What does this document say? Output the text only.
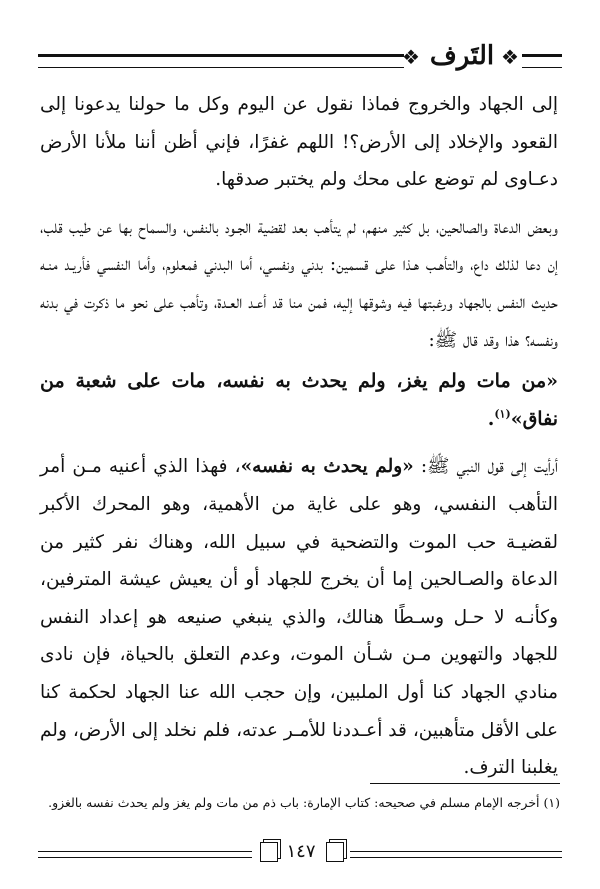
❖ التَرف ❖

إلى الجهاد والخروج فماذا نقول عن اليوم وكل ما حولنا يدعونا إلى القعود والإخلاد إلى الأرض؟! اللهم غفرًا، فإني أظن أننا ملأنا الأرض دعـاوى لم توضع على محك ولم يختبر صدقها.

وبعض الدعاة والصالحين، بل كثير منهم، لم يتأهب بعد لقضية الجـود بالنفس، والسماح بها عن طيب قلب، إن دعا لذلك داع، والتأهـب هـذا على قسمين: بدني ونفسي، أما البدني فمعلوم، وأما النفسي فأريـد منـه حديث النفس بالجهاد ورغبتها فيه وشوقها إليه، فمن منا قد أعـد العـدة، وتأهب على نحو ما ذكرت في بدنه ونفسه؟ هذا وقد قال ﷺ:

«من مات ولم يغز، ولم يحدث به نفسه، مات على شعبة من نفاق»$^{(١)}$.

أرأيت إلى قول النبي ﷺ: «ولم يحدث به نفسه»، فهذا الذي أعنيه مـن أمر التأهب النفسي، وهو على غاية من الأهمية، وهو المحرك الأكبر لقضيـة حب الموت والتضحية في سبيل الله، وهناك نفر كثير من الدعاة والصـالحين إما أن يخرج للجهاد أو أن يعيش عيشة المترفين، وكأنـه لا حـل وسـطًا هنالك، والذي ينبغي صنيعه هو إعداد النفس للجهاد والتهوين مـن شـأن الموت، وعدم التعلق بالحياة، فإن نادى منادي الجهاد كنا أول الملبين، وإن حجب الله عنا الجهاد لحكمة كنا على الأقل متأهبين، قد أعـددنا للأمـر عدته، فلم نخلد إلى الأرض، ولم يغلبنا الترف.

(١) أخرجه الإمام مسلم في صحيحه: كتاب الإمارة: باب ذم من مات ولم يغز ولم يحدث نفسه بالغزو.
١٤٧
